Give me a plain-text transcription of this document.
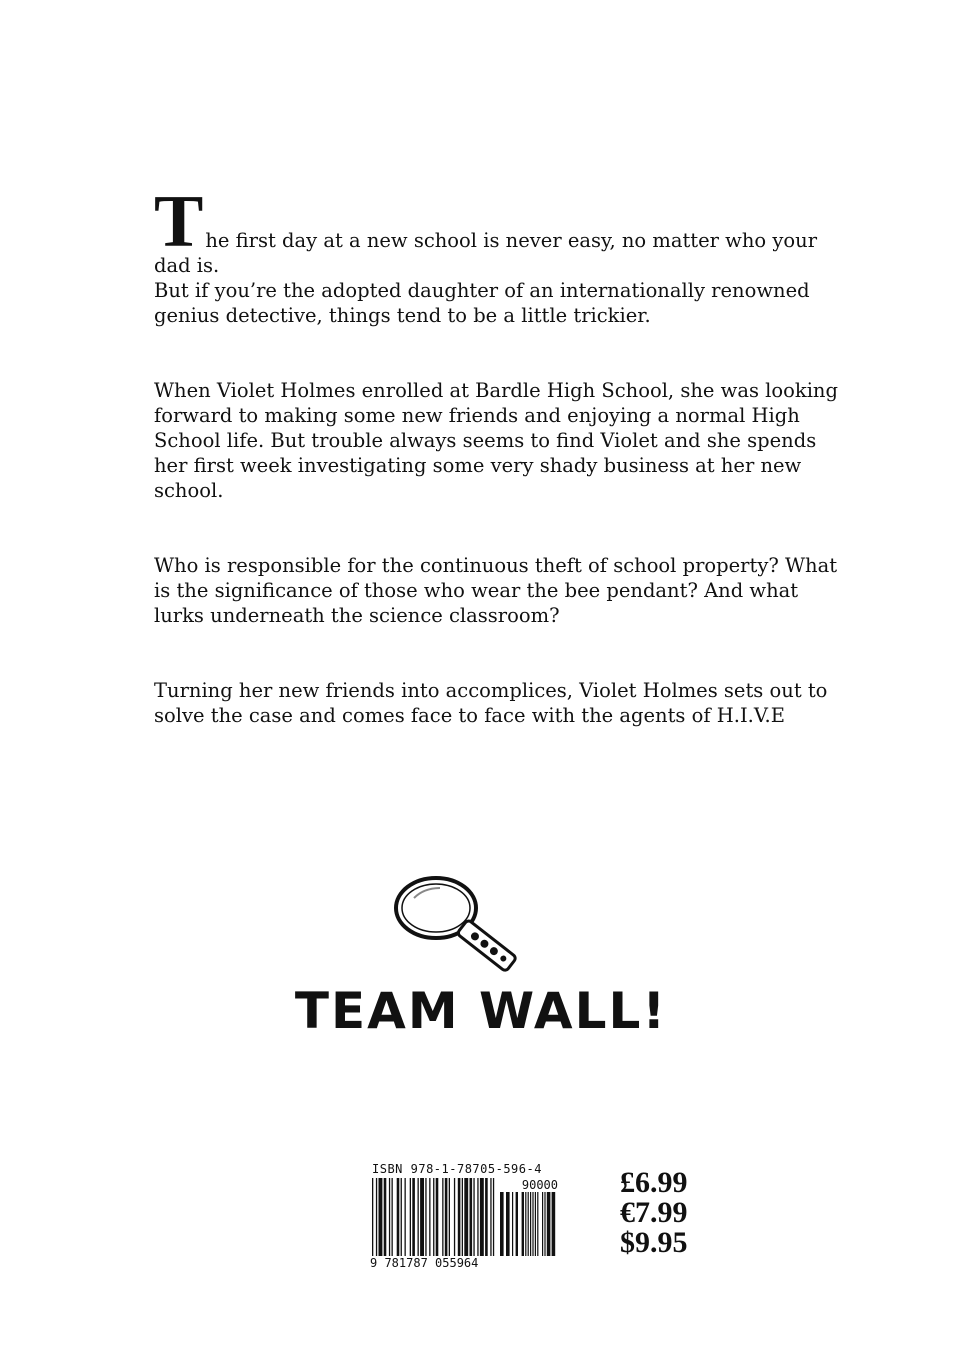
T he first day at a new school is never easy, no matter who your dad is.
But if you’re the adopted daughter of an internationally renowned genius detective, things tend to be a little trickier.

When Violet Holmes enrolled at Bardle High School, she was looking forward to making some new friends and enjoying a normal High School life. But trouble always seems to find Violet and she spends her first week investigating some very shady business at her new school.

Who is responsible for the continuous theft of school property? What is the significance of those who wear the bee pendant? And what lurks underneath the science classroom?

Turning her new friends into accomplices, Violet Holmes sets out to solve the case and comes face to face with the agents of H.I.V.E

TEAM WALL!
ISBN 978-1-78705-596-4
90000
9 781787 055964
£6.99
€7.99
$9.95
